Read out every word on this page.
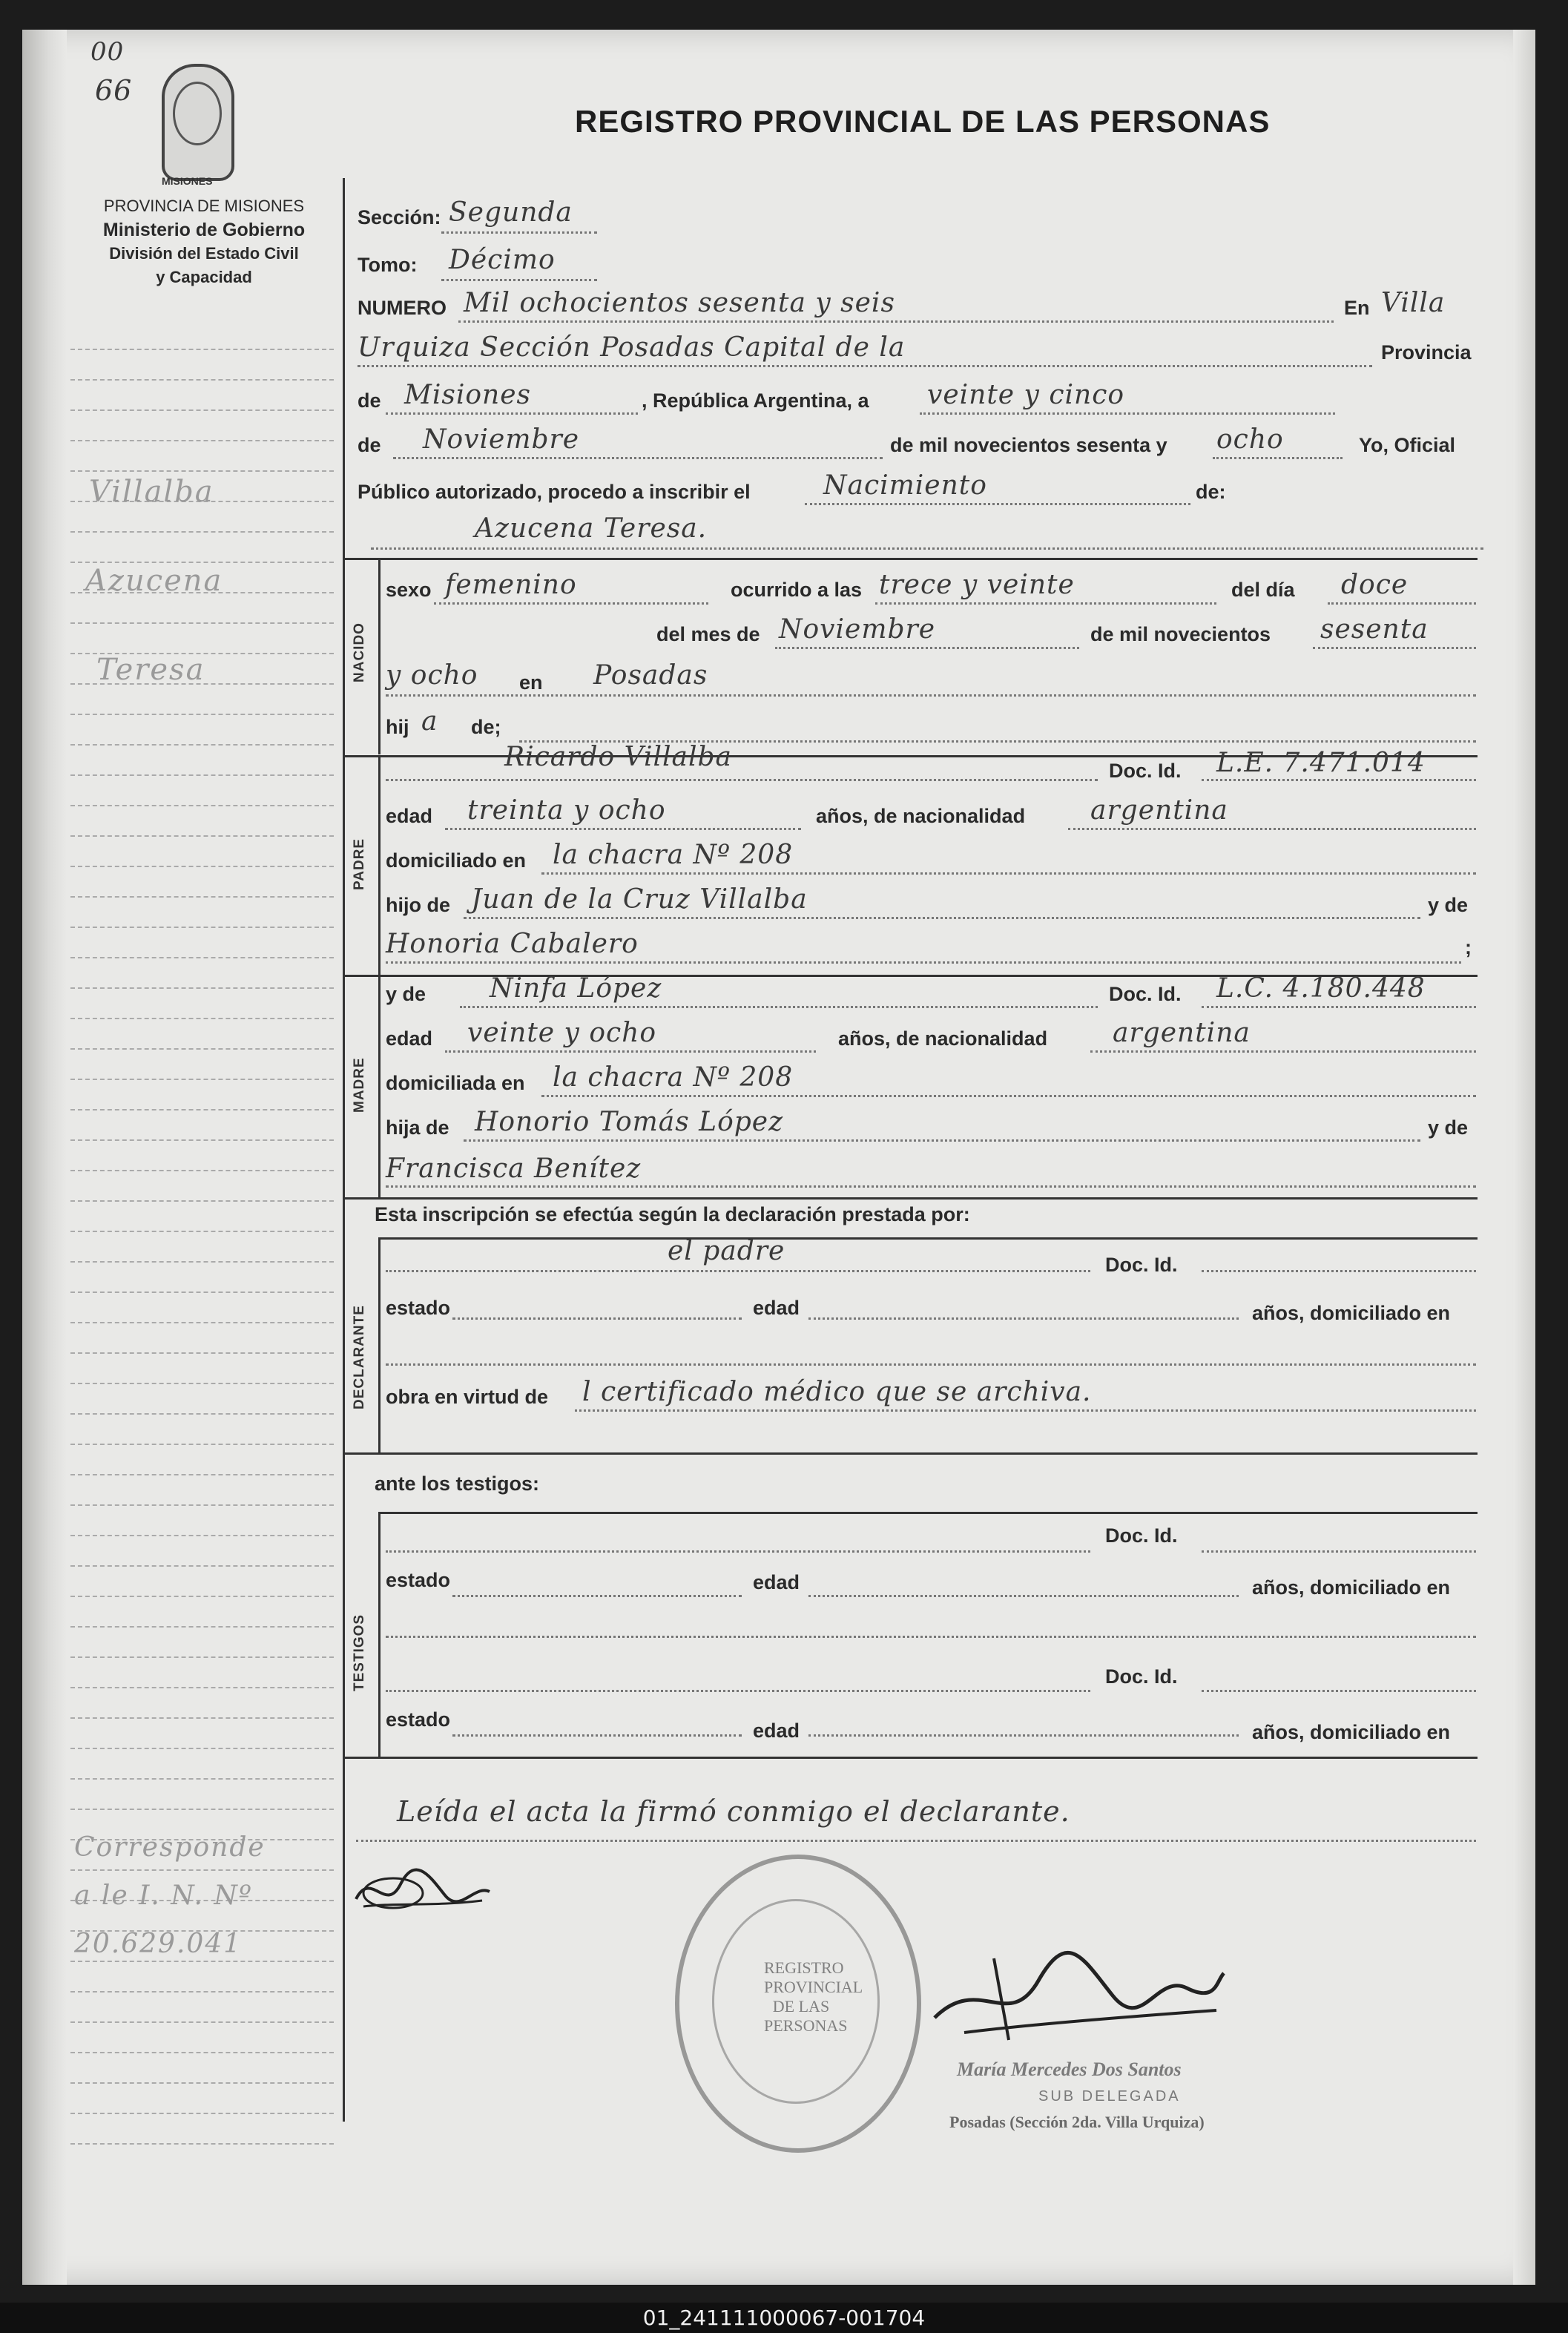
00
66
MISIONES
REGISTRO PROVINCIAL DE LAS PERSONAS
PROVINCIA DE MISIONES
Ministerio de Gobierno
División del Estado Civil
y Capacidad
Villalba
Azucena
Teresa
Corresponde
a le I. N. Nº
20.629.041
Sección: Segunda
Tomo: Décimo
NUMERO Mil ochocientos sesenta y seis	En Villa
Urquiza Sección Posadas Capital de la	Provincia
de Misiones	, República Argentina, a veinte y cinco
de Noviembre	de mil novecientos sesenta y ocho	Yo, Oficial
Público autorizado, procedo a inscribir el	Nacimiento	de:
Azucena Teresa.
NACIDO
sexo femenino	ocurrido a las trece y veinte	del día doce
del mes de Noviembre	de mil novecientos sesenta
y ocho en Posadas
hij a de;
PADRE
Ricardo Villalba	Doc. Id. L.E. 7.471.014
edad treinta y ocho	años, de nacionalidad argentina
domiciliado en la chacra Nº 208
hijo de Juan de la Cruz Villalba	y de
Honoria Cabalero	;
MADRE
y de Ninfa López	Doc. Id. L.C. 4.180.448
edad veinte y ocho	años, de nacionalidad argentina
domiciliada en la chacra Nº 208
hija de Honorio Tomás López	y de
Francisca Benítez
Esta inscripción se efectúa según la declaración prestada por:
DECLARANTE
el padre	Doc. Id.
estado	edad	años, domiciliado en
obra en virtud de l certificado médico que se archiva.
ante los testigos:
TESTIGOS
Doc. Id.
estado	edad	años, domiciliado en
Doc. Id.
estado	edad	años, domiciliado en
Leída el acta la firmó conmigo el declarante.
REGISTRO PROVINCIAL DE LAS PERSONAS
María Mercedes Dos Santos
SUB DELEGADA
Posadas (Sección 2da. Villa Urquiza)
01_241111000067-001704
